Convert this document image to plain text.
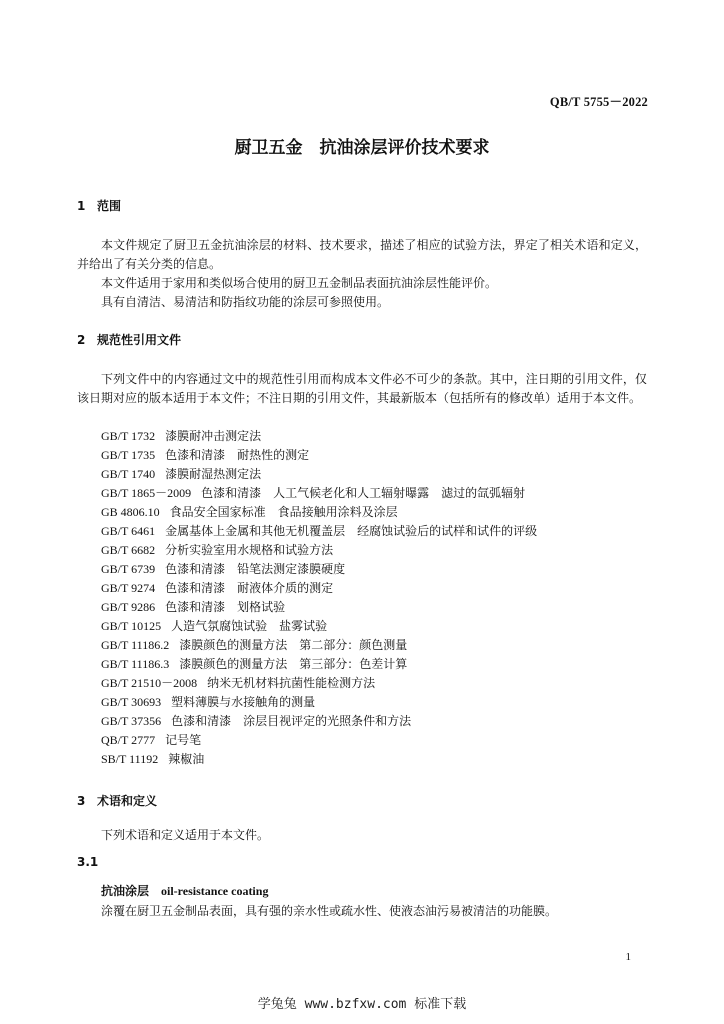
QB/T 5755－2022
厨卫五金　抗油涂层评价技术要求
1 范围
本文件规定了厨卫五金抗油涂层的材料、技术要求，描述了相应的试验方法，界定了相关术语和定义，并给出了有关分类的信息。
本文件适用于家用和类似场合使用的厨卫五金制品表面抗油涂层性能评价。
具有自清洁、易清洁和防指纹功能的涂层可参照使用。
2 规范性引用文件
下列文件中的内容通过文中的规范性引用而构成本文件必不可少的条款。其中，注日期的引用文件，仅该日期对应的版本适用于本文件；不注日期的引用文件，其最新版本（包括所有的修改单）适用于本文件。
GB/T 1732 漆膜耐冲击测定法
GB/T 1735 色漆和清漆　耐热性的测定
GB/T 1740 漆膜耐湿热测定法
GB/T 1865－2009 色漆和清漆　人工气候老化和人工辐射曝露　滤过的氙弧辐射
GB 4806.10 食品安全国家标准　食品接触用涂料及涂层
GB/T 6461 金属基体上金属和其他无机覆盖层　经腐蚀试验后的试样和试件的评级
GB/T 6682 分析实验室用水规格和试验方法
GB/T 6739 色漆和清漆　铅笔法测定漆膜硬度
GB/T 9274 色漆和清漆　耐液体介质的测定
GB/T 9286 色漆和清漆　划格试验
GB/T 10125 人造气氛腐蚀试验　盐雾试验
GB/T 11186.2 漆膜颜色的测量方法　第二部分：颜色测量
GB/T 11186.3 漆膜颜色的测量方法　第三部分：色差计算
GB/T 21510－2008 纳米无机材料抗菌性能检测方法
GB/T 30693 塑料薄膜与水接触角的测量
GB/T 37356 色漆和清漆　涂层目视评定的光照条件和方法
QB/T 2777 记号笔
SB/T 11192 辣椒油
3 术语和定义
下列术语和定义适用于本文件。
3.1
抗油涂层 oil-resistance coating
涂覆在厨卫五金制品表面，具有强的亲水性或疏水性、使液态油污易被清洁的功能膜。
1
学兔兔 www.bzfxw.com 标准下载
